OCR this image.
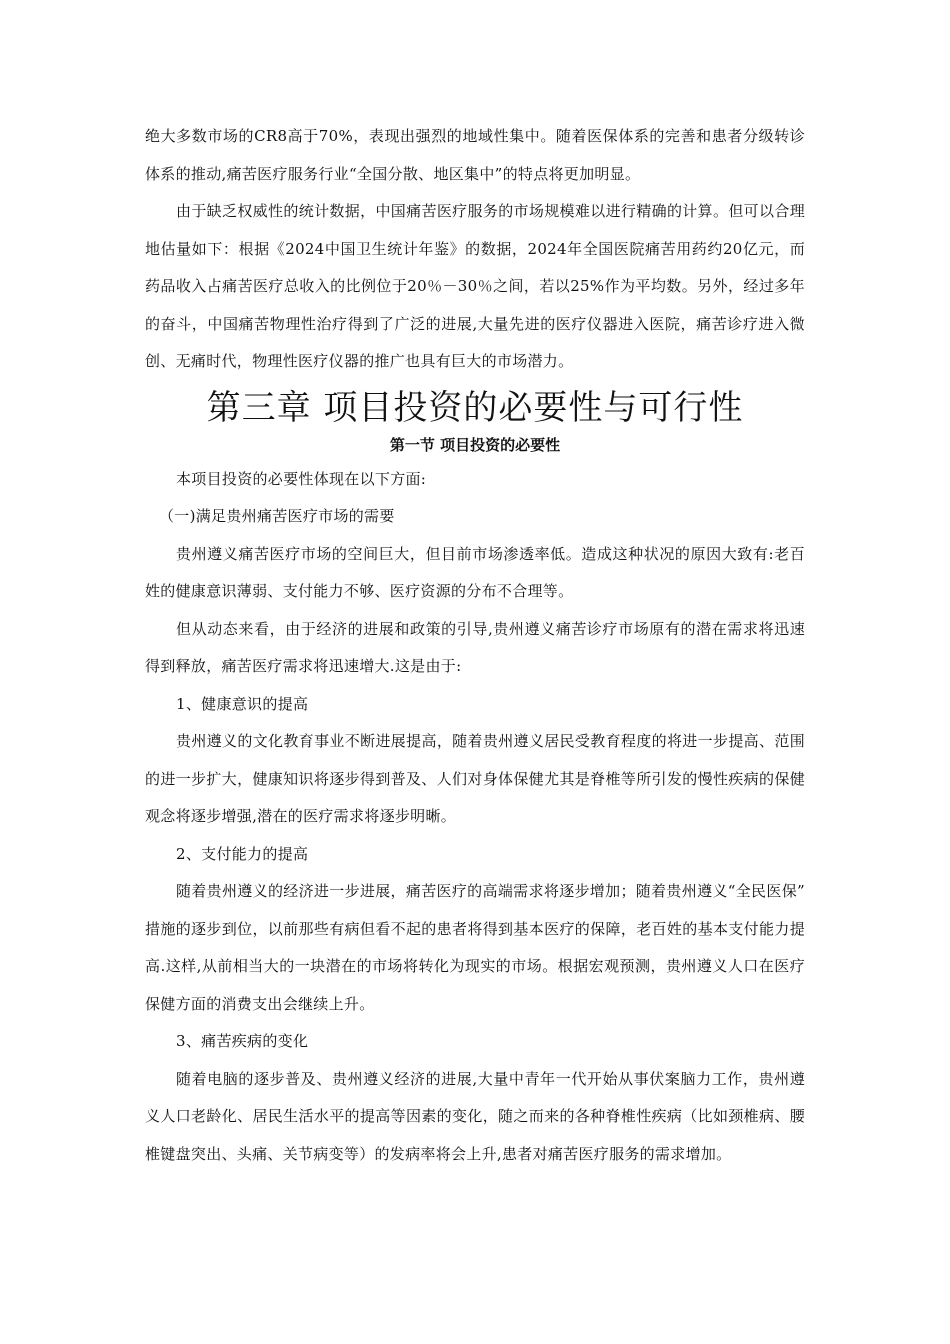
绝大多数市场的CR8高于70%，表现出强烈的地域性集中。随着医保体系的完善和患者分级转诊体系的推动,痛苦医疗服务行业“全国分散、地区集中”的特点将更加明显。

由于缺乏权威性的统计数据，中国痛苦医疗服务的市场规模难以进行精确的计算。但可以合理地估量如下：根据《2024中国卫生统计年鉴》的数据，2024年全国医院痛苦用药约20亿元，而药品收入占痛苦医疗总收入的比例位于20％－30％之间，若以25%作为平均数。另外，经过多年的奋斗，中国痛苦物理性治疗得到了广泛的进展,大量先进的医疗仪器进入医院，痛苦诊疗进入微创、无痛时代，物理性医疗仪器的推广也具有巨大的市场潜力。

第三章 项目投资的必要性与可行性
第一节 项目投资的必要性

本项目投资的必要性体现在以下方面:

（一)满足贵州痛苦医疗市场的需要

贵州遵义痛苦医疗市场的空间巨大，但目前市场渗透率低。造成这种状况的原因大致有:老百姓的健康意识薄弱、支付能力不够、医疗资源的分布不合理等。

但从动态来看，由于经济的进展和政策的引导,贵州遵义痛苦诊疗市场原有的潜在需求将迅速得到释放，痛苦医疗需求将迅速增大.这是由于:

1、健康意识的提高

贵州遵义的文化教育事业不断进展提高，随着贵州遵义居民受教育程度的将进一步提高、范围的进一步扩大，健康知识将逐步得到普及、人们对身体保健尤其是脊椎等所引发的慢性疾病的保健观念将逐步增强,潜在的医疗需求将逐步明晰。

2、支付能力的提高

随着贵州遵义的经济进一步进展，痛苦医疗的高端需求将逐步增加；随着贵州遵义“全民医保” 措施的逐步到位，以前那些有病但看不起的患者将得到基本医疗的保障，老百姓的基本支付能力提高.这样,从前相当大的一块潜在的市场将转化为现实的市场。根据宏观预测，贵州遵义人口在医疗保健方面的消费支出会继续上升。

3、痛苦疾病的变化

随着电脑的逐步普及、贵州遵义经济的进展,大量中青年一代开始从事伏案脑力工作，贵州遵义人口老龄化、居民生活水平的提高等因素的变化，随之而来的各种脊椎性疾病（比如颈椎病、腰椎键盘突出、头痛、关节病变等）的发病率将会上升,患者对痛苦医疗服务的需求增加。
